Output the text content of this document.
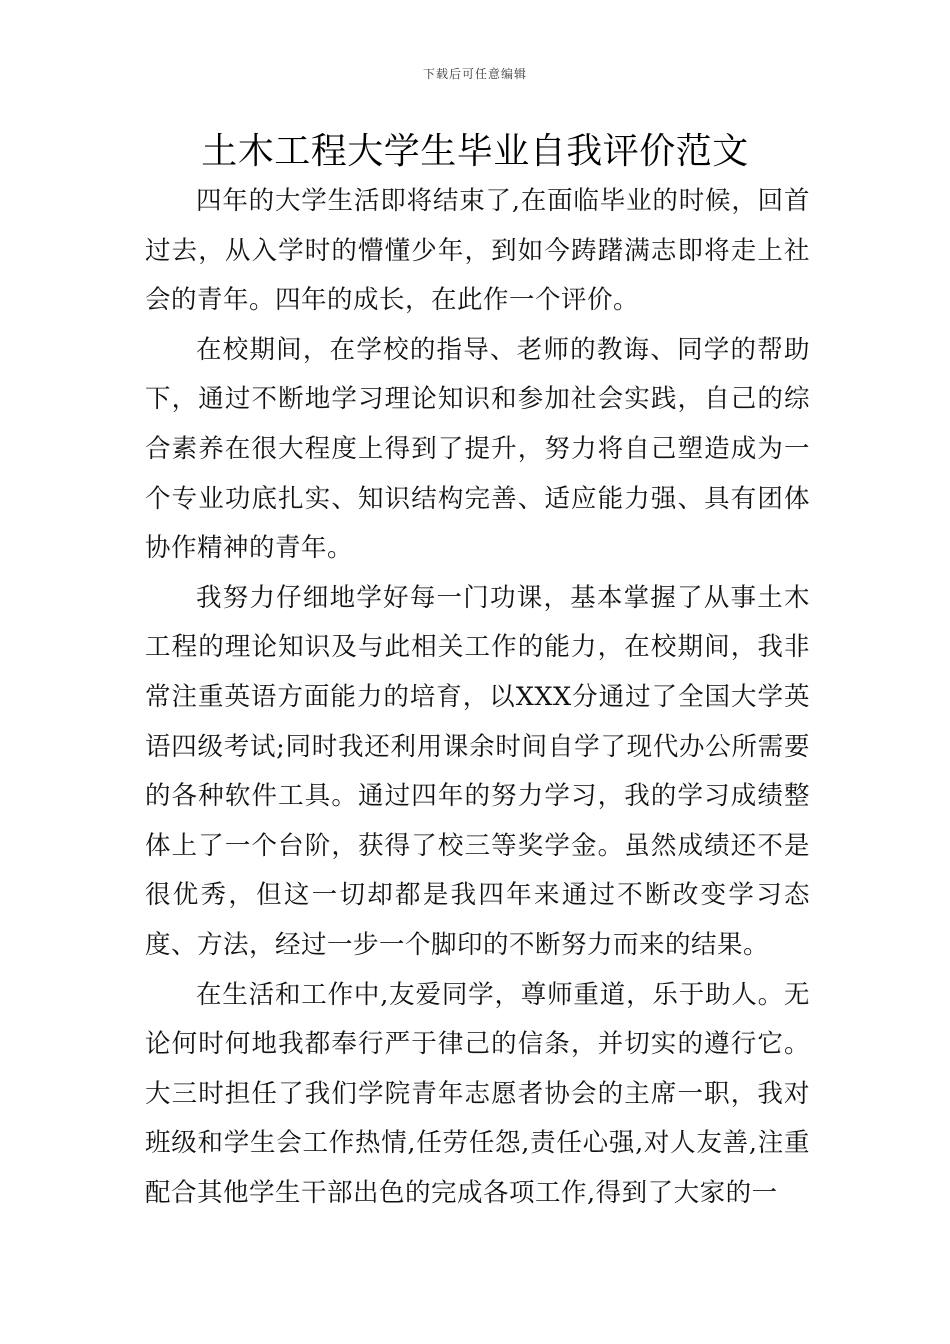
下载后可任意编辑
土木工程大学生毕业自我评价范文

四年的大学生活即将结束了,在面临毕业的时候，回首过去，从入学时的懵懂少年，到如今踌躇满志即将走上社会的青年。四年的成长，在此作一个评价。

在校期间，在学校的指导、老师的教诲、同学的帮助下，通过不断地学习理论知识和参加社会实践，自己的综合素养在很大程度上得到了提升，努力将自己塑造成为一个专业功底扎实、知识结构完善、适应能力强、具有团体协作精神的青年。

我努力仔细地学好每一门功课，基本掌握了从事土木工程的理论知识及与此相关工作的能力，在校期间，我非常注重英语方面能力的培育，以XXX分通过了全国大学英语四级考试;同时我还利用课余时间自学了现代办公所需要的各种软件工具。通过四年的努力学习，我的学习成绩整体上了一个台阶，获得了校三等奖学金。虽然成绩还不是很优秀，但这一切却都是我四年来通过不断改变学习态度、方法，经过一步一个脚印的不断努力而来的结果。

在生活和工作中,友爱同学，尊师重道，乐于助人。无论何时何地我都奉行严于律己的信条，并切实的遵行它。大三时担任了我们学院青年志愿者协会的主席一职，我对班级和学生会工作热情,任劳任怨,责任心强,对人友善,注重配合其他学生干部出色的完成各项工作,得到了大家的一
